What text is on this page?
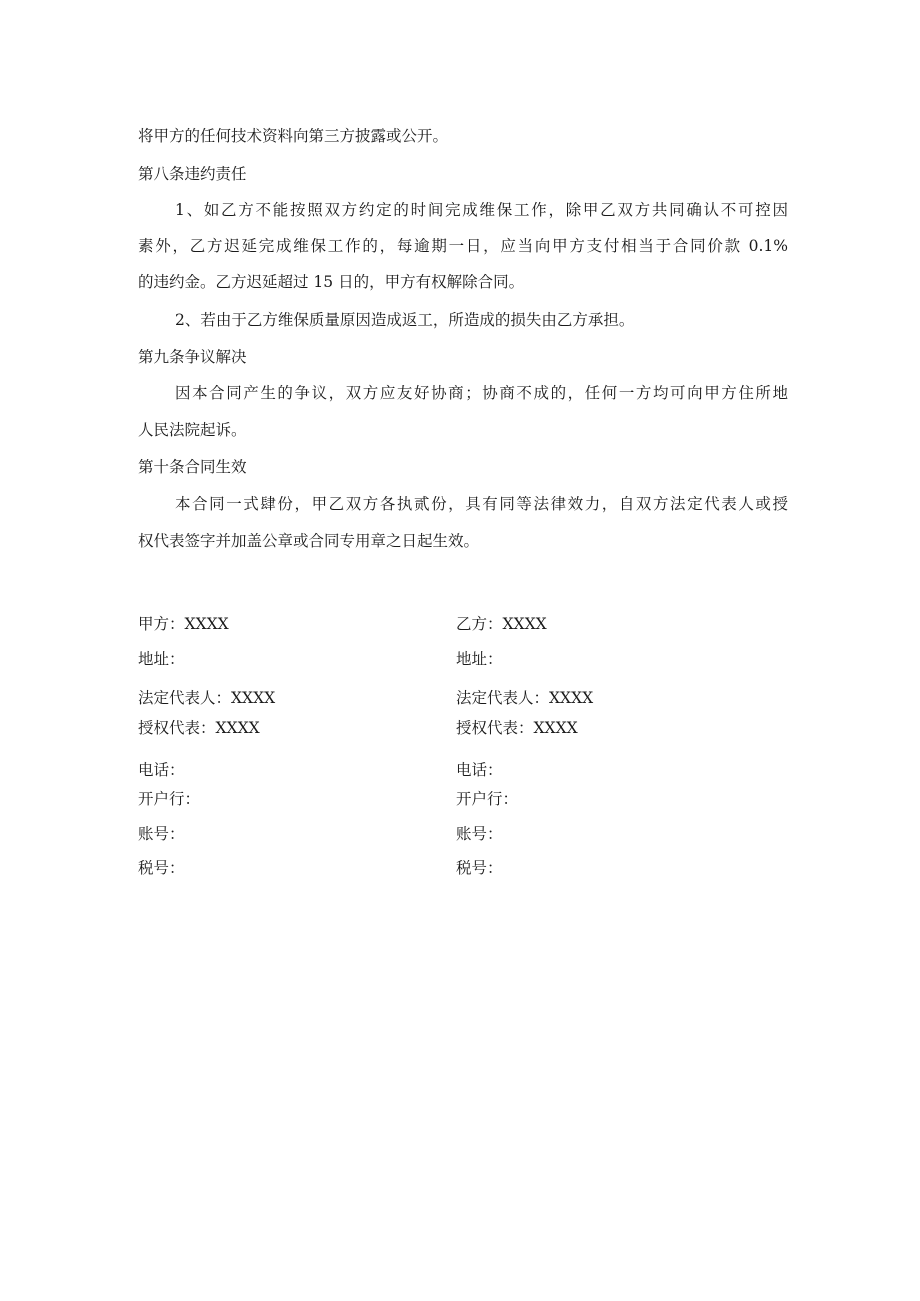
将甲方的任何技术资料向第三方披露或公开。
第八条违约责任
1、如乙方不能按照双方约定的时间完成维保工作，除甲乙双方共同确认不可控因
素外，乙方迟延完成维保工作的，每逾期一日，应当向甲方支付相当于合同价款 0.1%
的违约金。乙方迟延超过 15 日的，甲方有权解除合同。
2、若由于乙方维保质量原因造成返工，所造成的损失由乙方承担。
第九条争议解决
因本合同产生的争议，双方应友好协商；协商不成的，任何一方均可向甲方住所地
人民法院起诉。
第十条合同生效
本合同一式肆份，甲乙双方各执贰份，具有同等法律效力，自双方法定代表人或授
权代表签字并加盖公章或合同专用章之日起生效。
甲方：XXXX
地址：
法定代表人：XXXX
授权代表：XXXX
电话：
开户行：
账号：
税号：
乙方：XXXX
地址：
法定代表人：XXXX
授权代表：XXXX
电话：
开户行：
账号：
税号：
